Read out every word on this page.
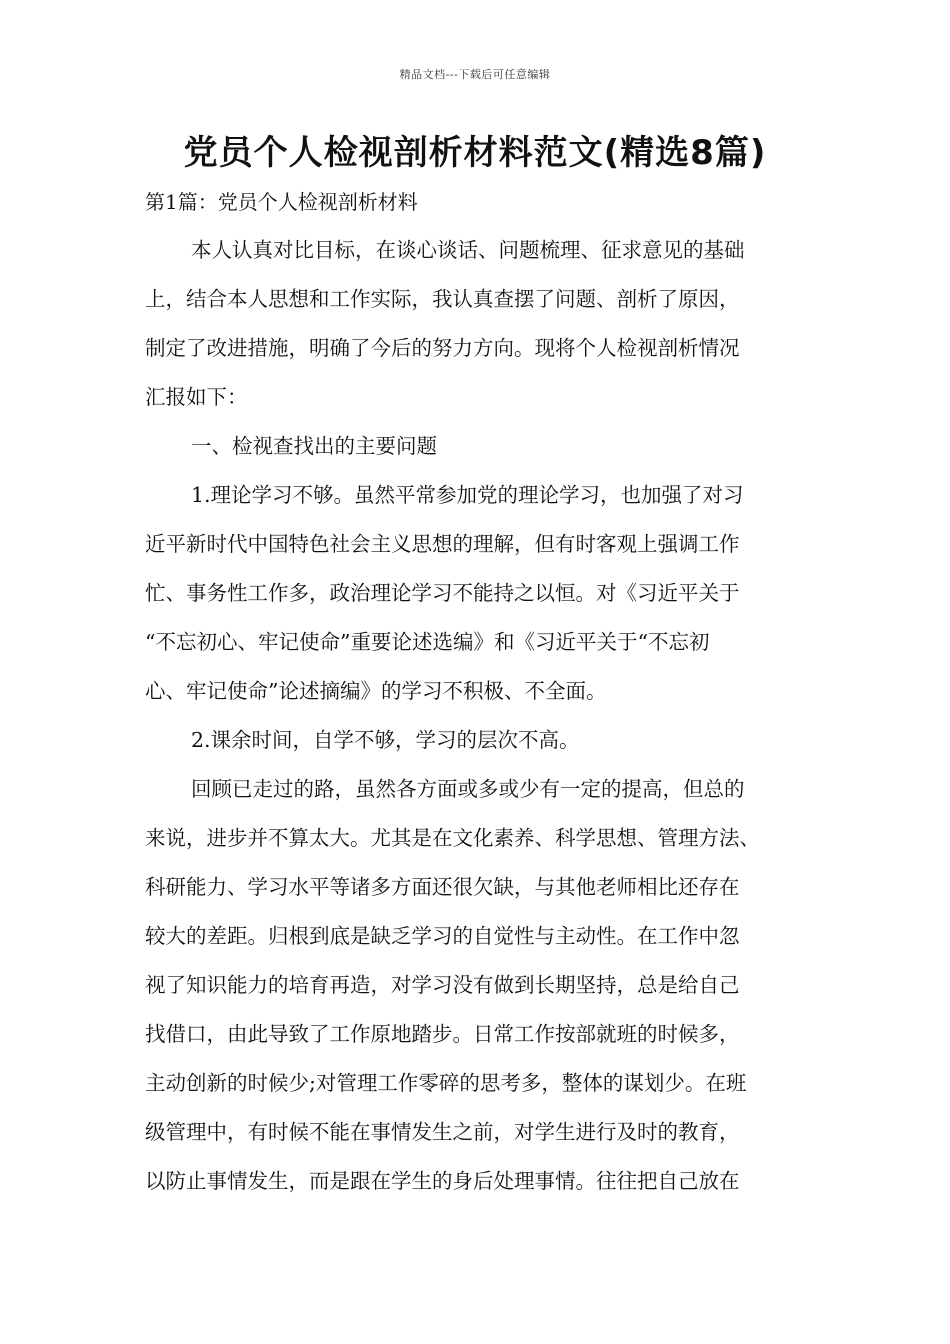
精品文档---下载后可任意编辑
党员个人检视剖析材料范文(精选8篇)
第1篇：党员个人检视剖析材料
本人认真对比目标，在谈心谈话、问题梳理、征求意见的基础
上，结合本人思想和工作实际，我认真查摆了问题、剖析了原因，
制定了改进措施，明确了今后的努力方向。现将个人检视剖析情况
汇报如下：
一、检视查找出的主要问题
1.理论学习不够。虽然平常参加党的理论学习，也加强了对习
近平新时代中国特色社会主义思想的理解，但有时客观上强调工作
忙、事务性工作多，政治理论学习不能持之以恒。对《习近平关于
“不忘初心、牢记使命”重要论述选编》和《习近平关于“不忘初
心、牢记使命”论述摘编》的学习不积极、不全面。
2.课余时间，自学不够，学习的层次不高。
回顾已走过的路，虽然各方面或多或少有一定的提高，但总的
来说，进步并不算太大。尤其是在文化素养、科学思想、管理方法、
科研能力、学习水平等诸多方面还很欠缺，与其他老师相比还存在
较大的差距。归根到底是缺乏学习的自觉性与主动性。在工作中忽
视了知识能力的培育再造，对学习没有做到长期坚持，总是给自己
找借口，由此导致了工作原地踏步。日常工作按部就班的时候多，
主动创新的时候少;对管理工作零碎的思考多，整体的谋划少。在班
级管理中，有时候不能在事情发生之前，对学生进行及时的教育，
以防止事情发生，而是跟在学生的身后处理事情。往往把自己放在
